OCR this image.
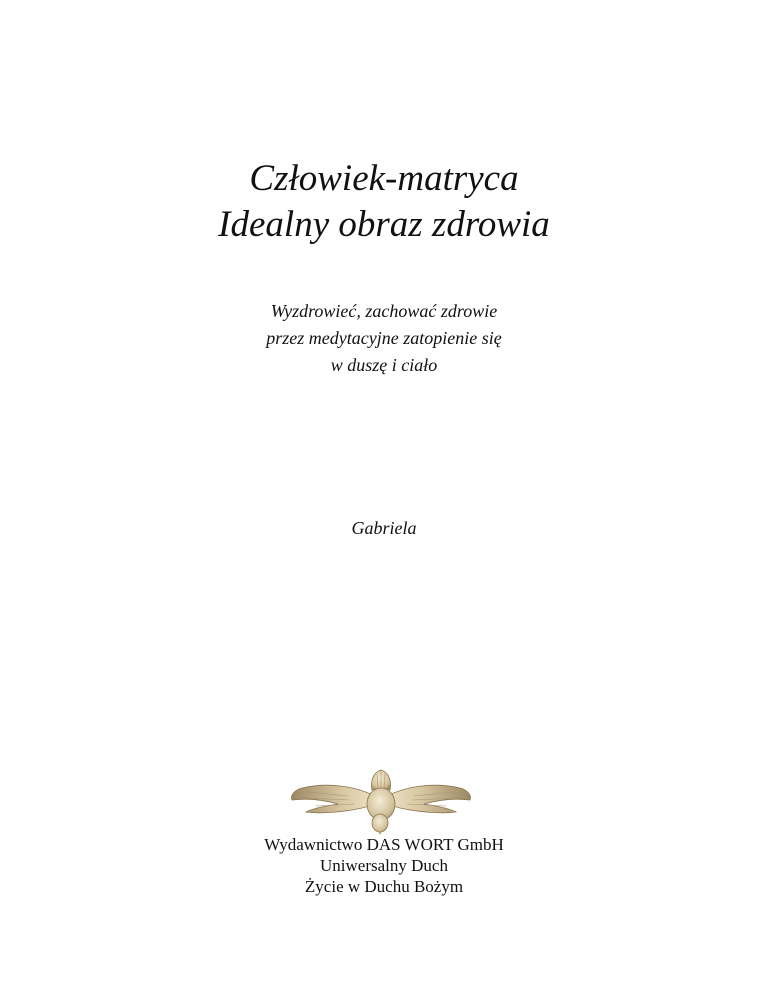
Człowiek-matryca
Idealny obraz zdrowia
Wyzdrowieć, zachować zdrowie
przez medytacyjne zatopienie się
w duszę i ciało
Gabriela
Wydawnictwo DAS WORT GmbH
Uniwersalny Duch
Życie w Duchu Bożym
